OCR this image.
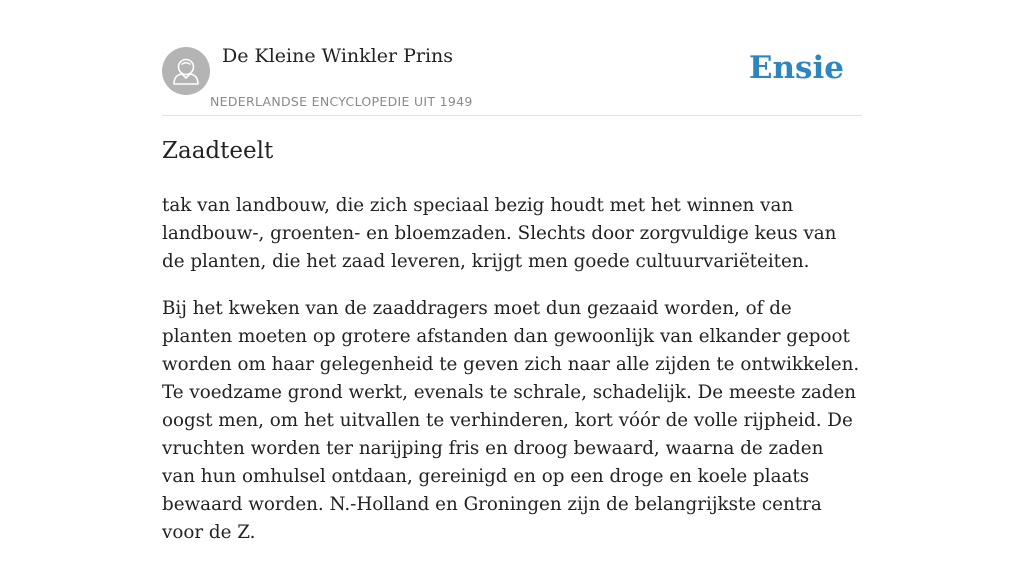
De Kleine Winkler Prins
NEDERLANDSE ENCYCLOPEDIE UIT 1949
Ensie
Zaadteelt

tak van landbouw, die zich speciaal bezig houdt met het winnen van landbouw-, groenten- en bloemzaden. Slechts door zorgvuldige keus van de planten, die het zaad leveren, krijgt men goede cultuurvariëteiten.

Bij het kweken van de zaaddragers moet dun gezaaid worden, of de planten moeten op grotere afstanden dan gewoonlijk van elkander gepoot worden om haar gelegenheid te geven zich naar alle zijden te ontwikkelen. Te voedzame grond werkt, evenals te schrale, schadelijk. De meeste zaden oogst men, om het uitvallen te verhinderen, kort vóór de volle rijpheid. De vruchten worden ter narijping fris en droog bewaard, waarna de zaden van hun omhulsel ontdaan, gereinigd en op een droge en koele plaats bewaard worden. N.-Holland en Groningen zijn de belangrijkste centra voor de Z.
